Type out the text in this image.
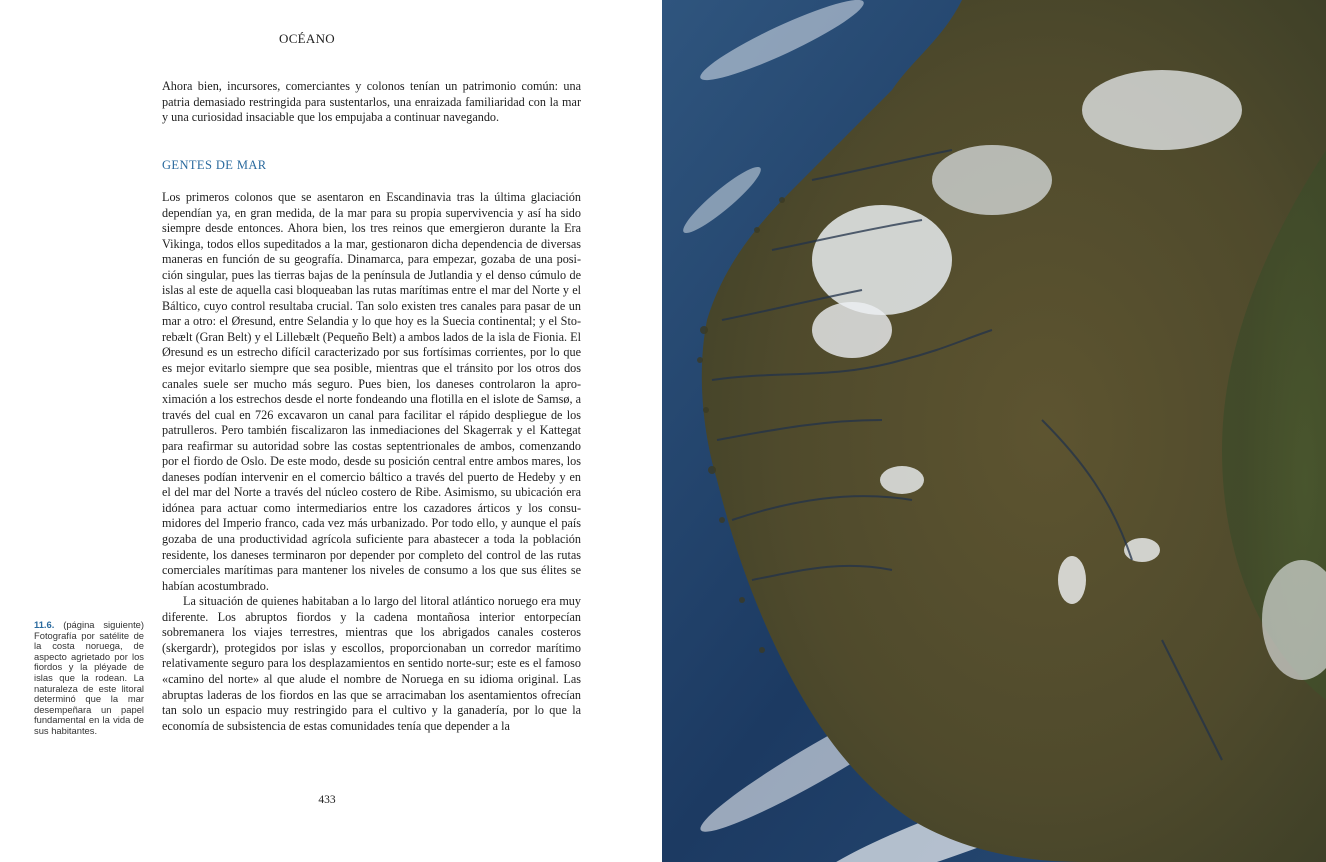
OCÉANO

Ahora bien, incursores, comerciantes y colonos tenían un patrimonio común: una patria demasiado restringida para sustentarlos, una enraizada familiaridad con la mar y una curiosidad insaciable que los empujaba a continuar navegando.

GENTES DE MAR

Los primeros colonos que se asentaron en Escandinavia tras la última glaciación dependían ya, en gran medida, de la mar para su propia supervivencia y así ha sido siempre desde entonces. Ahora bien, los tres reinos que emergieron durante la Era Vikinga, todos ellos supeditados a la mar, gestionaron dicha dependencia de diversas maneras en función de su geografía. Dinamarca, para empezar, gozaba de una posición singular, pues las tierras bajas de la península de Jutlandia y el denso cúmulo de islas al este de aquella casi bloqueaban las rutas marítimas entre el mar del Norte y el Báltico, cuyo control resultaba crucial. Tan solo existen tres canales para pasar de un mar a otro: el Øresund, entre Selandia y lo que hoy es la Suecia continental; y el Storebælt (Gran Belt) y el Lillebælt (Pequeño Belt) a ambos lados de la isla de Fionia. El Øresund es un estrecho difícil caracterizado por sus fortísimas corrientes, por lo que es mejor evitarlo siempre que sea posible, mientras que el tránsito por los otros dos canales suele ser mucho más seguro. Pues bien, los daneses controlaron la aproximación a los estrechos desde el norte fondeando una flotilla en el islote de Samsø, a través del cual en 726 excavaron un canal para facilitar el rápido despliegue de los patrulleros. Pero también fiscalizaron las inmediaciones del Skagerrak y el Kattegat para reafirmar su autoridad sobre las costas septentrionales de ambos, comenzando por el fiordo de Oslo. De este modo, desde su posición central entre ambos mares, los daneses podían intervenir en el comercio báltico a través del puerto de Hedeby y en el del mar del Norte a través del núcleo costero de Ribe. Asimismo, su ubicación era idónea para actuar como intermediarios entre los cazadores árticos y los consumidores del Imperio franco, cada vez más urbanizado. Por todo ello, y aunque el país gozaba de una productividad agrícola suficiente para abastecer a toda la población residente, los daneses terminaron por depender por completo del control de las rutas comerciales marítimas para mantener los niveles de consumo a los que sus élites se habían acostumbrado.

La situación de quienes habitaban a lo largo del litoral atlántico noruego era muy diferente. Los abruptos fiordos y la cadena montañosa interior entorpecían sobremanera los viajes terrestres, mientras que los abrigados canales costeros (skergardr), protegidos por islas y escollos, proporcionaban un corredor marítimo relativamente seguro para los desplazamientos en sentido norte-sur; este es el famoso «camino del norte» al que alude el nombre de Noruega en su idioma original. Las abruptas laderas de los fiordos en las que se arracimaban los asentamientos ofrecían tan solo un espacio muy restringido para el cultivo y la ganadería, por lo que la economía de subsistencia de estas comunidades tenía que depender a la

11.6. (página siguiente) Fotografía por satélite de la costa noruega, de aspecto agrietado por los fiordos y la pléyade de islas que la rodean. La naturaleza de este litoral determinó que la mar desempeñara un papel fundamental en la vida de sus habitantes.

433
